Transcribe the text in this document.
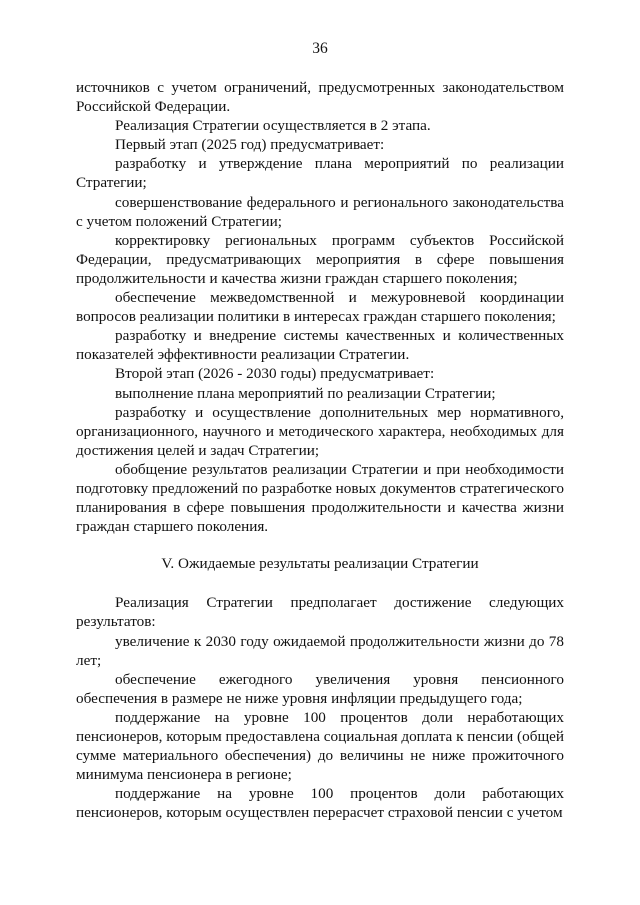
36

источников с учетом ограничений, предусмотренных законодательством Российской Федерации.

Реализация Стратегии осуществляется в 2 этапа.

Первый этап (2025 год) предусматривает:

разработку и утверждение плана мероприятий по реализации Стратегии;

совершенствование федерального и регионального законодательства с учетом положений Стратегии;

корректировку региональных программ субъектов Российской Федерации, предусматривающих мероприятия в сфере повышения продолжительности и качества жизни граждан старшего поколения;

обеспечение межведомственной и межуровневой координации вопросов реализации политики в интересах граждан старшего поколения;

разработку и внедрение системы качественных и количественных показателей эффективности реализации Стратегии.

Второй этап (2026 - 2030 годы) предусматривает:

выполнение плана мероприятий по реализации Стратегии;

разработку и осуществление дополнительных мер нормативного, организационного, научного и методического характера, необходимых для достижения целей и задач Стратегии;

обобщение результатов реализации Стратегии и при необходимости подготовку предложений по разработке новых документов стратегического планирования в сфере повышения продолжительности и качества жизни граждан старшего поколения.

V. Ожидаемые результаты реализации Стратегии

Реализация Стратегии предполагает достижение следующих результатов:

увеличение к 2030 году ожидаемой продолжительности жизни до 78 лет;

обеспечение ежегодного увеличения уровня пенсионного обеспечения в размере не ниже уровня инфляции предыдущего года;

поддержание на уровне 100 процентов доли неработающих пенсионеров, которым предоставлена социальная доплата к пенсии (общей сумме материального обеспечения) до величины не ниже прожиточного минимума пенсионера в регионе;

поддержание на уровне 100 процентов доли работающих пенсионеров, которым осуществлен перерасчет страховой пенсии с учетом
